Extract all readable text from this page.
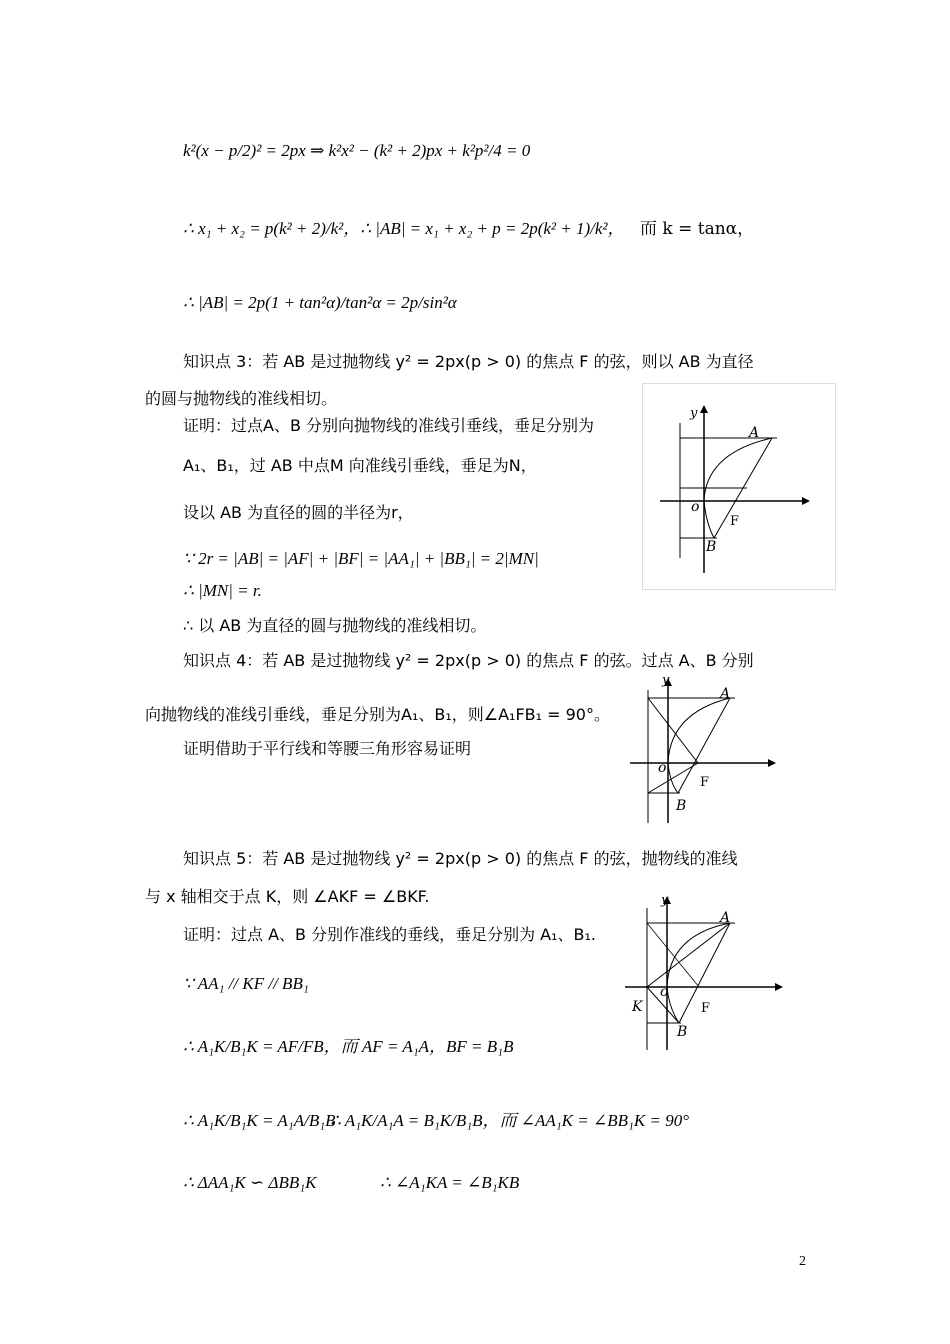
k²(x − p/2)² = 2px ⇒ k²x² − (k² + 2)px + k²p²/4 = 0
∴ x₁ + x₂ = p(k² + 2)/k²，∴ |AB| = x₁ + x₂ + p = 2p(k² + 1)/k²， 而 k = tanα，
∴ |AB| = 2p(1 + tan²α)/tan²α = 2p/sin²α
知识点 3：若 AB 是过抛物线 y² = 2px(p > 0) 的焦点 F 的弦，则以 AB 为直径
的圆与抛物线的准线相切。
证明：过点A、B 分别向抛物线的准线引垂线，垂足分别为
A₁、B₁，过 AB 中点M 向准线引垂线，垂足为N，
设以 AB 为直径的圆的半径为r，
∵ 2r = |AB| = |AF| + |BF| = |AA₁| + |BB₁| = 2|MN|
∴ |MN| = r.
∴ 以 AB 为直径的圆与抛物线的准线相切。
y
o
A
B
F
知识点 4：若 AB 是过抛物线 y² = 2px(p > 0) 的焦点 F 的弦。过点 A、B 分别
向抛物线的准线引垂线，垂足分别为A₁、B₁，则∠A₁FB₁ = 90°。
证明借助于平行线和等腰三角形容易证明
y
o
A
B
F
知识点 5：若 AB 是过抛物线 y² = 2px(p > 0) 的焦点 F 的弦，抛物线的准线
与 x 轴相交于点 K，则 ∠AKF = ∠BKF.
证明：过点 A、B 分别作准线的垂线，垂足分别为 A₁、B₁.
∵ AA₁ // KF // BB₁
∴ A₁K/B₁K = AF/FB，而 AF = A₁A，BF = B₁B
∴ A₁K/B₁K = A₁A/B₁B
∴ A₁K/A₁A = B₁K/B₁B，而 ∠AA₁K = ∠BB₁K = 90°
∴ ΔAA₁K ∽ ΔBB₁K	∴ ∠A₁KA = ∠B₁KB
y
o
A
B
F
K
2
